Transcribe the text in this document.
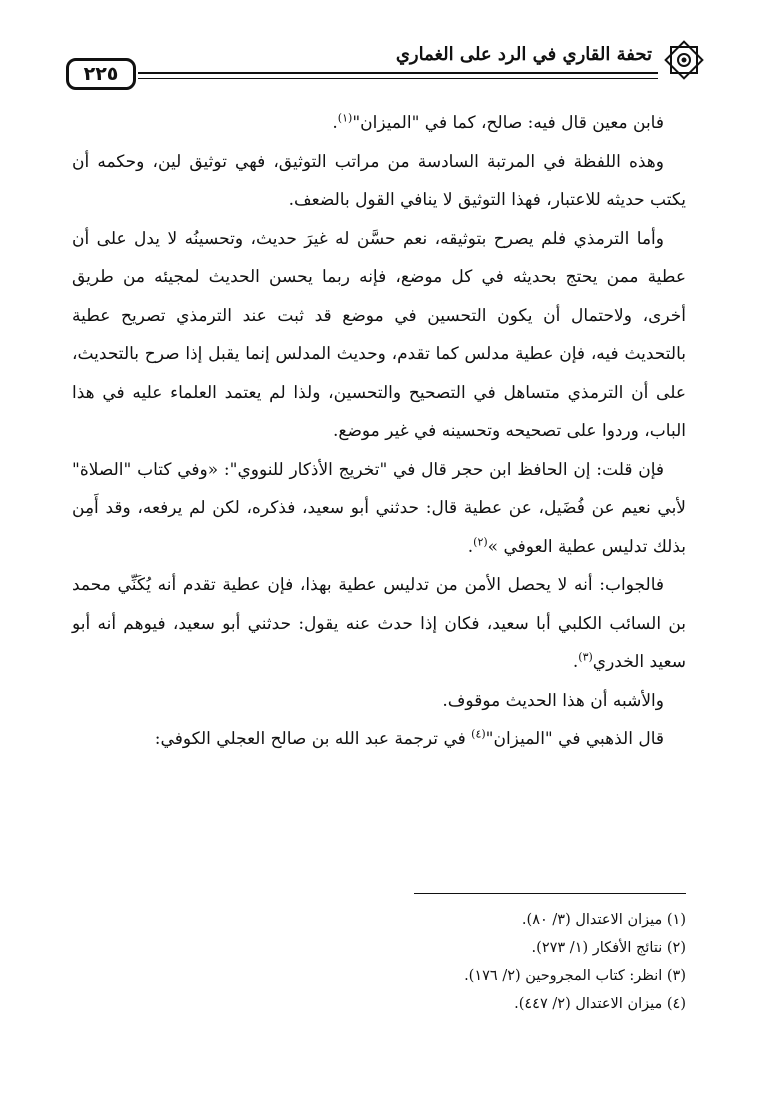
تحفة القاري في الرد على الغماري
٢٢٥

فابن معين قال فيه: صالح، كما في "الميزان"$^{(١)}$.

وهذه اللفظة في المرتبة السادسة من مراتب التوثيق، فهي توثيق لين، وحكمه أن يكتب حديثه للاعتبار، فهذا التوثيق لا ينافي القول بالضعف.

وأما الترمذي فلم يصرح بتوثيقه، نعم حسَّن له غيرَ حديث، وتحسينُه لا يدل على أن عطية ممن يحتج بحديثه في كل موضع، فإنه ربما يحسن الحديث لمجيئه من طريق أخرى، ولاحتمال أن يكون التحسين في موضع قد ثبت عند الترمذي تصريح عطية بالتحديث فيه، فإن عطية مدلس كما تقدم، وحديث المدلس إنما يقبل إذا صرح بالتحديث، على أن الترمذي متساهل في التصحيح والتحسين، ولذا لم يعتمد العلماء عليه في هذا الباب، وردوا على تصحيحه وتحسينه في غير موضع.

فإن قلت: إن الحافظ ابن حجر قال في "تخريج الأذكار للنووي": «وفي كتاب "الصلاة" لأبي نعيم عن فُضَيل، عن عطية قال: حدثني أبو سعيد، فذكره، لكن لم يرفعه، وقد أَمِن بذلك تدليس عطية العوفي »$^{(٢)}$.

فالجواب: أنه لا يحصل الأمن من تدليس عطية بهذا، فإن عطية تقدم أنه يُكَنِّي محمد بن السائب الكلبي أبا سعيد، فكان إذا حدث عنه يقول: حدثني أبو سعيد، فيوهم أنه أبو سعيد الخدري$^{(٣)}$.

والأشبه أن هذا الحديث موقوف.

قال الذهبي في "الميزان"$^{(٤)}$ في ترجمة عبد الله بن صالح العجلي الكوفي:

(١) ميزان الاعتدال (٣/ ٨٠).

(٢) نتائج الأفكار (١/ ٢٧٣).

(٣) انظر: كتاب المجروحين (٢/ ١٧٦).

(٤) ميزان الاعتدال (٢/ ٤٤٧).
